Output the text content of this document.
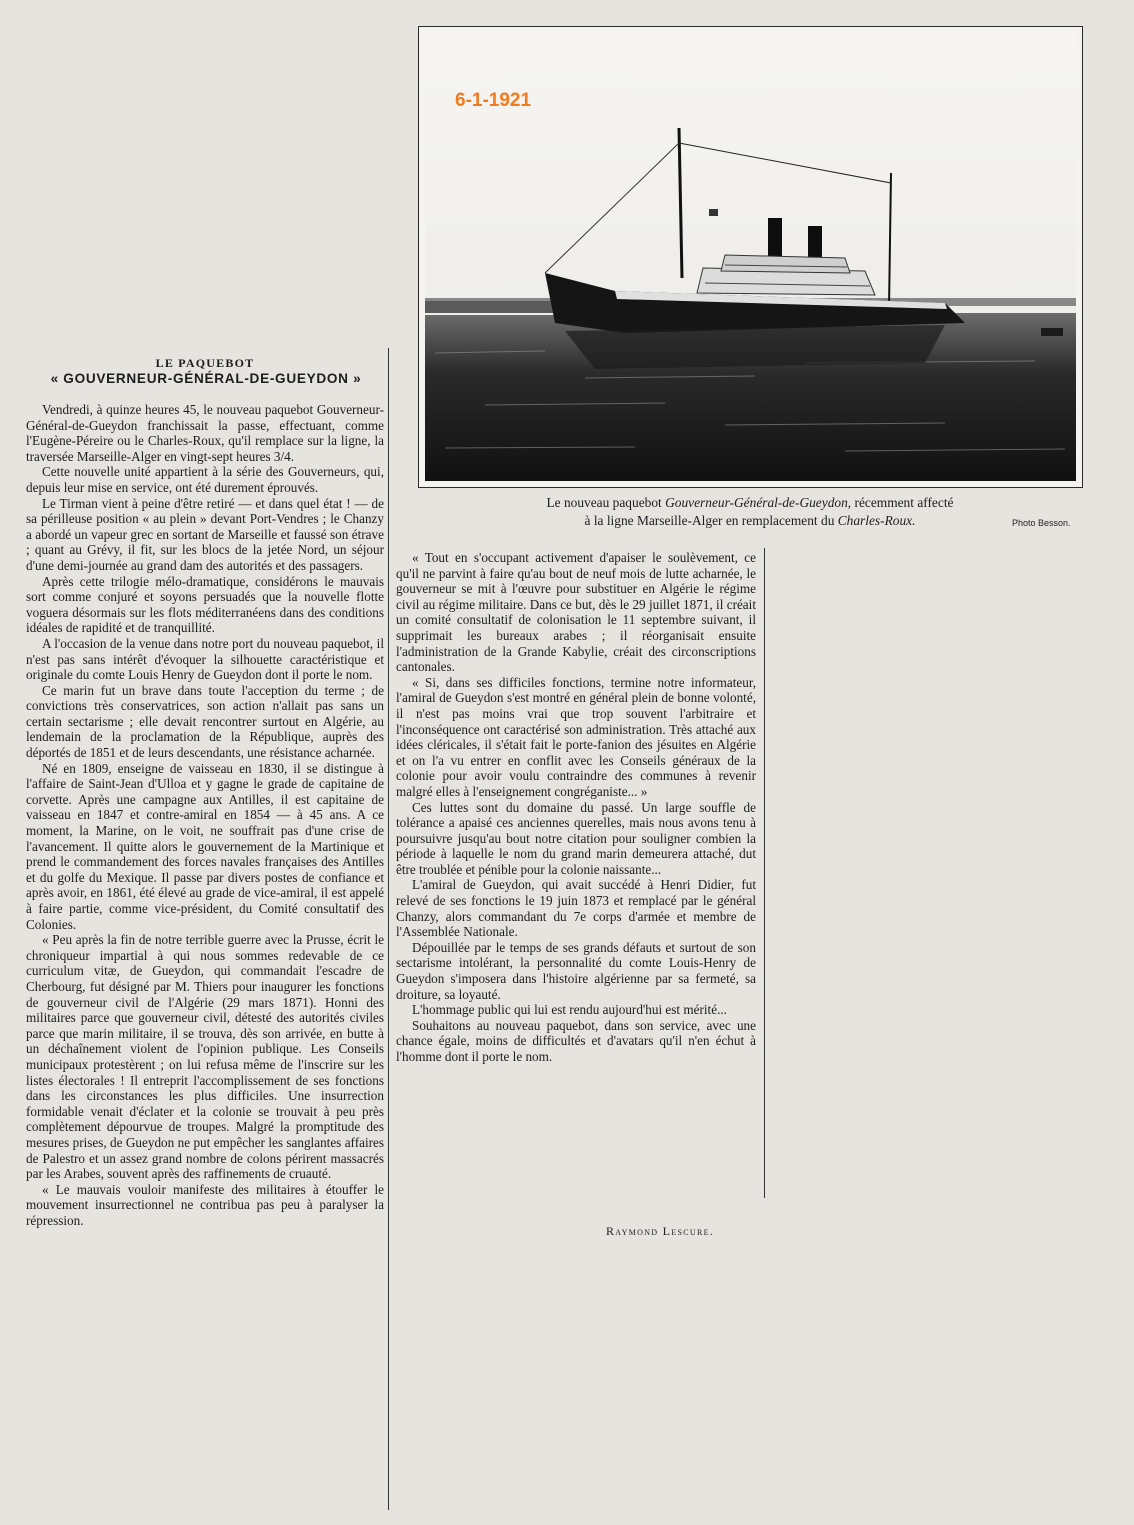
6-1-1921
Le nouveau paquebot Gouverneur-Général-de-Gueydon, récemment affecté
à la ligne Marseille-Alger en remplacement du Charles-Roux.	Photo Besson.
LE PAQUEBOT
« GOUVERNEUR-GÉNÉRAL-DE-GUEYDON »

Vendredi, à quinze heures 45, le nouveau paquebot Gouverneur-Général-de-Gueydon franchissait la passe, effectuant, comme l'Eugène-Péreire ou le Charles-Roux, qu'il remplace sur la ligne, la traversée Marseille-Alger en vingt-sept heures 3/4.

Cette nouvelle unité appartient à la série des Gouverneurs, qui, depuis leur mise en service, ont été durement éprouvés.

Le Tirman vient à peine d'être retiré — et dans quel état ! — de sa périlleuse position « au plein » devant Port-Vendres ; le Chanzy a abordé un vapeur grec en sortant de Marseille et faussé son étrave ; quant au Grévy, il fit, sur les blocs de la jetée Nord, un séjour d'une demi-journée au grand dam des autorités et des passagers.

Après cette trilogie mélo-dramatique, considérons le mauvais sort comme conjuré et soyons persuadés que la nouvelle flotte voguera désormais sur les flots méditerranéens dans des conditions idéales de rapidité et de tranquillité.

A l'occasion de la venue dans notre port du nouveau paquebot, il n'est pas sans intérêt d'évoquer la silhouette caractéristique et originale du comte Louis Henry de Gueydon dont il porte le nom.

Ce marin fut un brave dans toute l'acception du terme ; de convictions très conservatrices, son action n'allait pas sans un certain sectarisme ; elle devait rencontrer surtout en Algérie, au lendemain de la proclamation de la République, auprès des déportés de 1851 et de leurs descendants, une résistance acharnée.

Né en 1809, enseigne de vaisseau en 1830, il se distingue à l'affaire de Saint-Jean d'Ulloa et y gagne le grade de capitaine de corvette. Après une campagne aux Antilles, il est capitaine de vaisseau en 1847 et contre-amiral en 1854 — à 45 ans. A ce moment, la Marine, on le voit, ne souffrait pas d'une crise de l'avancement. Il quitte alors le gouvernement de la Martinique et prend le commandement des forces navales françaises des Antilles et du golfe du Mexique. Il passe par divers postes de confiance et après avoir, en 1861, été élevé au grade de vice-amiral, il est appelé à faire partie, comme vice-président, du Comité consultatif des Colonies.

« Peu après la fin de notre terrible guerre avec la Prusse, écrit le chroniqueur impartial à qui nous sommes redevable de ce curriculum vitæ, de Gueydon, qui commandait l'escadre de Cherbourg, fut désigné par M. Thiers pour inaugurer les fonctions de gouverneur civil de l'Algérie (29 mars 1871). Honni des militaires parce que gouverneur civil, détesté des autorités civiles parce que marin militaire, il se trouva, dès son arrivée, en butte à un déchaînement violent de l'opinion publique. Les Conseils municipaux protestèrent ; on lui refusa même de l'inscrire sur les listes électorales ! Il entreprit l'accomplissement de ses fonctions dans les circonstances les plus difficiles. Une insurrection formidable venait d'éclater et la colonie se trouvait à peu près complètement dépourvue de troupes. Malgré la promptitude des mesures prises, de Gueydon ne put empêcher les sanglantes affaires de Palestro et un assez grand nombre de colons périrent massacrés par les Arabes, souvent après des raffinements de cruauté.

« Le mauvais vouloir manifeste des militaires à étouffer le mouvement insurrectionnel ne contribua pas peu à paralyser la répression.

« Tout en s'occupant activement d'apaiser le soulèvement, ce qu'il ne parvint à faire qu'au bout de neuf mois de lutte acharnée, le gouverneur se mit à l'œuvre pour substituer en Algérie le régime civil au régime militaire. Dans ce but, dès le 29 juillet 1871, il créait un comité consultatif de colonisation le 11 septembre suivant, il supprimait les bureaux arabes ; il réorganisait ensuite l'administration de la Grande Kabylie, créait des circonscriptions cantonales.

« Si, dans ses difficiles fonctions, termine notre informateur, l'amiral de Gueydon s'est montré en général plein de bonne volonté, il n'est pas moins vrai que trop souvent l'arbitraire et l'inconséquence ont caractérisé son administration. Très attaché aux idées cléricales, il s'était fait le porte-fanion des jésuites en Algérie et on l'a vu entrer en conflit avec les Conseils généraux de la colonie pour avoir voulu contraindre des communes à revenir malgré elles à l'enseignement congréganiste... »

Ces luttes sont du domaine du passé. Un large souffle de tolérance a apaisé ces anciennes querelles, mais nous avons tenu à poursuivre jusqu'au bout notre citation pour souligner combien la période à laquelle le nom du grand marin demeurera attaché, dut être troublée et pénible pour la colonie naissante...

L'amiral de Gueydon, qui avait succédé à Henri Didier, fut relevé de ses fonctions le 19 juin 1873 et remplacé par le général Chanzy, alors commandant du 7e corps d'armée et membre de l'Assemblée Nationale.

Dépouillée par le temps de ses grands défauts et surtout de son sectarisme intolérant, la personnalité du comte Louis-Henry de Gueydon s'imposera dans l'histoire algérienne par sa fermeté, sa droiture, sa loyauté.

L'hommage public qui lui est rendu aujourd'hui est mérité...

Souhaitons au nouveau paquebot, dans son service, avec une chance égale, moins de difficultés et d'avatars qu'il n'en échut à l'homme dont il porte le nom.

Raymond Lescure.
